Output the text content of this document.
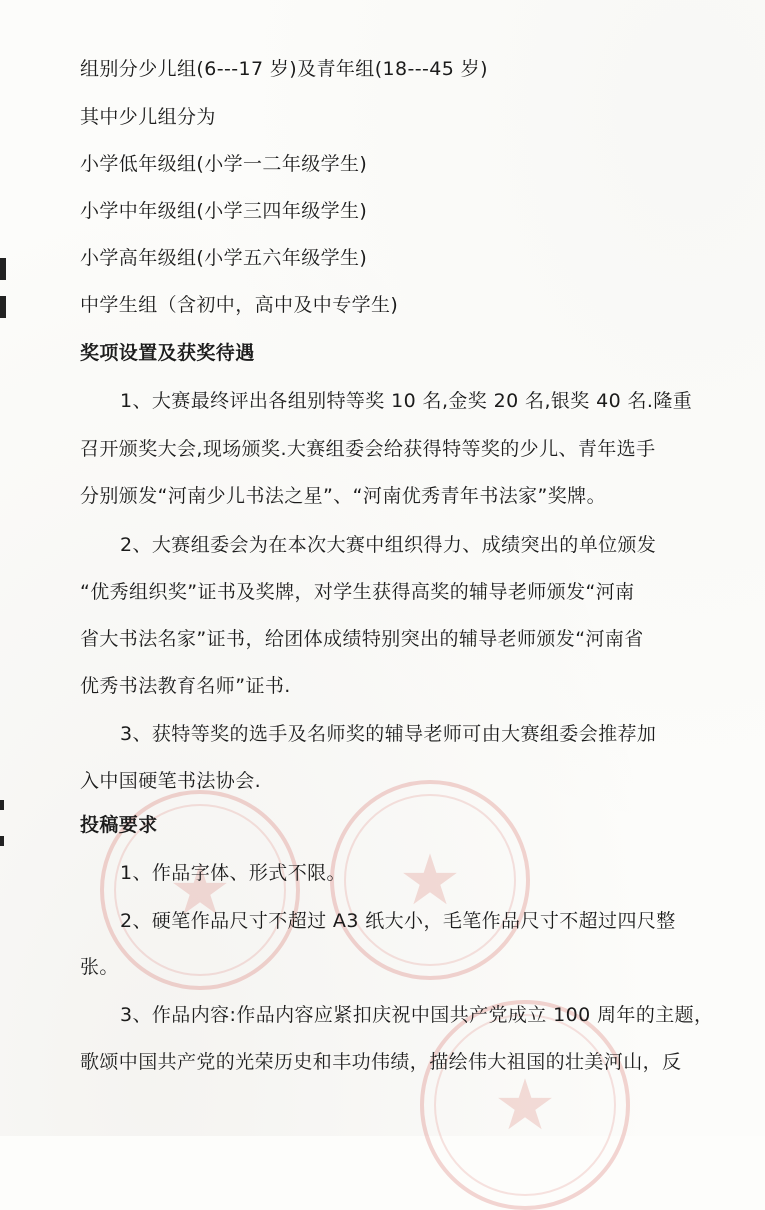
★ ★
★
组别分少儿组(6---17 岁)及青年组(18---45 岁)
其中少儿组分为
小学低年级组(小学一二年级学生)
小学中年级组(小学三四年级学生)
小学高年级组(小学五六年级学生)
中学生组（含初中，高中及中专学生)
奖项设置及获奖待遇
1、大赛最终评出各组别特等奖 10 名,金奖 20 名,银奖 40 名.隆重
召开颁奖大会,现场颁奖.大赛组委会给获得特等奖的少儿、青年选手
分别颁发“河南少儿书法之星”、“河南优秀青年书法家”奖牌。
2、大赛组委会为在本次大赛中组织得力、成绩突出的单位颁发
“优秀组织奖”证书及奖牌，对学生获得高奖的辅导老师颁发“河南
省大书法名家”证书，给团体成绩特别突出的辅导老师颁发“河南省
优秀书法教育名师”证书.
3、获特等奖的选手及名师奖的辅导老师可由大赛组委会推荐加
入中国硬笔书法协会.
投稿要求
1、作品字体、形式不限。
2、硬笔作品尺寸不超过 A3 纸大小，毛笔作品尺寸不超过四尺整
张。
3、作品内容:作品内容应紧扣庆祝中国共产党成立 100 周年的主题，
歌颂中国共产党的光荣历史和丰功伟绩，描绘伟大祖国的壮美河山，反
